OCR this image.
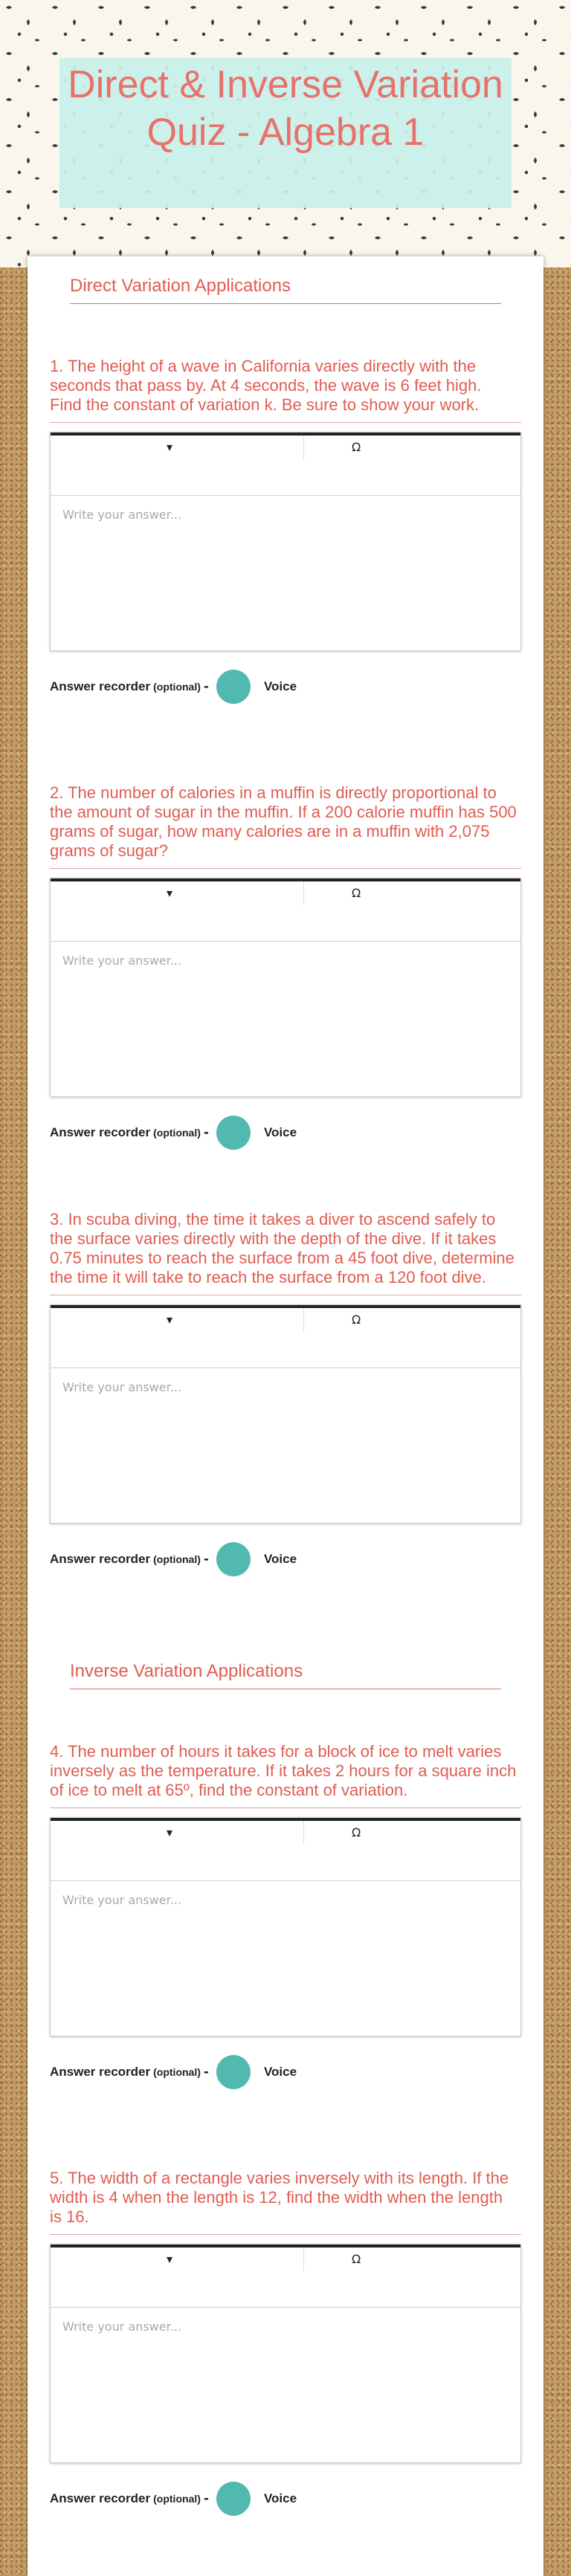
Direct & Inverse Variation Quiz - Algebra 1
Direct Variation Applications
1. The height of a wave in California varies directly with the seconds that pass by. At 4 seconds, the wave is 6 feet high. Find the constant of variation k. Be sure to show your work.
▾	Ω
Write your answer...
Answer recorder (optional) -	Voice
2. The number of calories in a muffin is directly proportional to the amount of sugar in the muffin. If a 200 calorie muffin has 500 grams of sugar, how many calories are in a muffin with 2,075 grams of sugar?
▾	Ω
Write your answer...
Answer recorder (optional) -	Voice
3. In scuba diving, the time it takes a diver to ascend safely to the surface varies directly with the depth of the dive. If it takes 0.75 minutes to reach the surface from a 45 foot dive, determine the time it will take to reach the surface from a 120 foot dive.
▾	Ω
Write your answer...
Answer recorder (optional) -	Voice
Inverse Variation Applications
4. The number of hours it takes for a block of ice to melt varies inversely as the temperature. If it takes 2 hours for a square inch of ice to melt at 65º, find the constant of variation.
▾	Ω
Write your answer...
Answer recorder (optional) -	Voice
5. The width of a rectangle varies inversely with its length. If the width is 4 when the length is 12, find the width when the length is 16.
▾	Ω
Write your answer...
Answer recorder (optional) -	Voice
